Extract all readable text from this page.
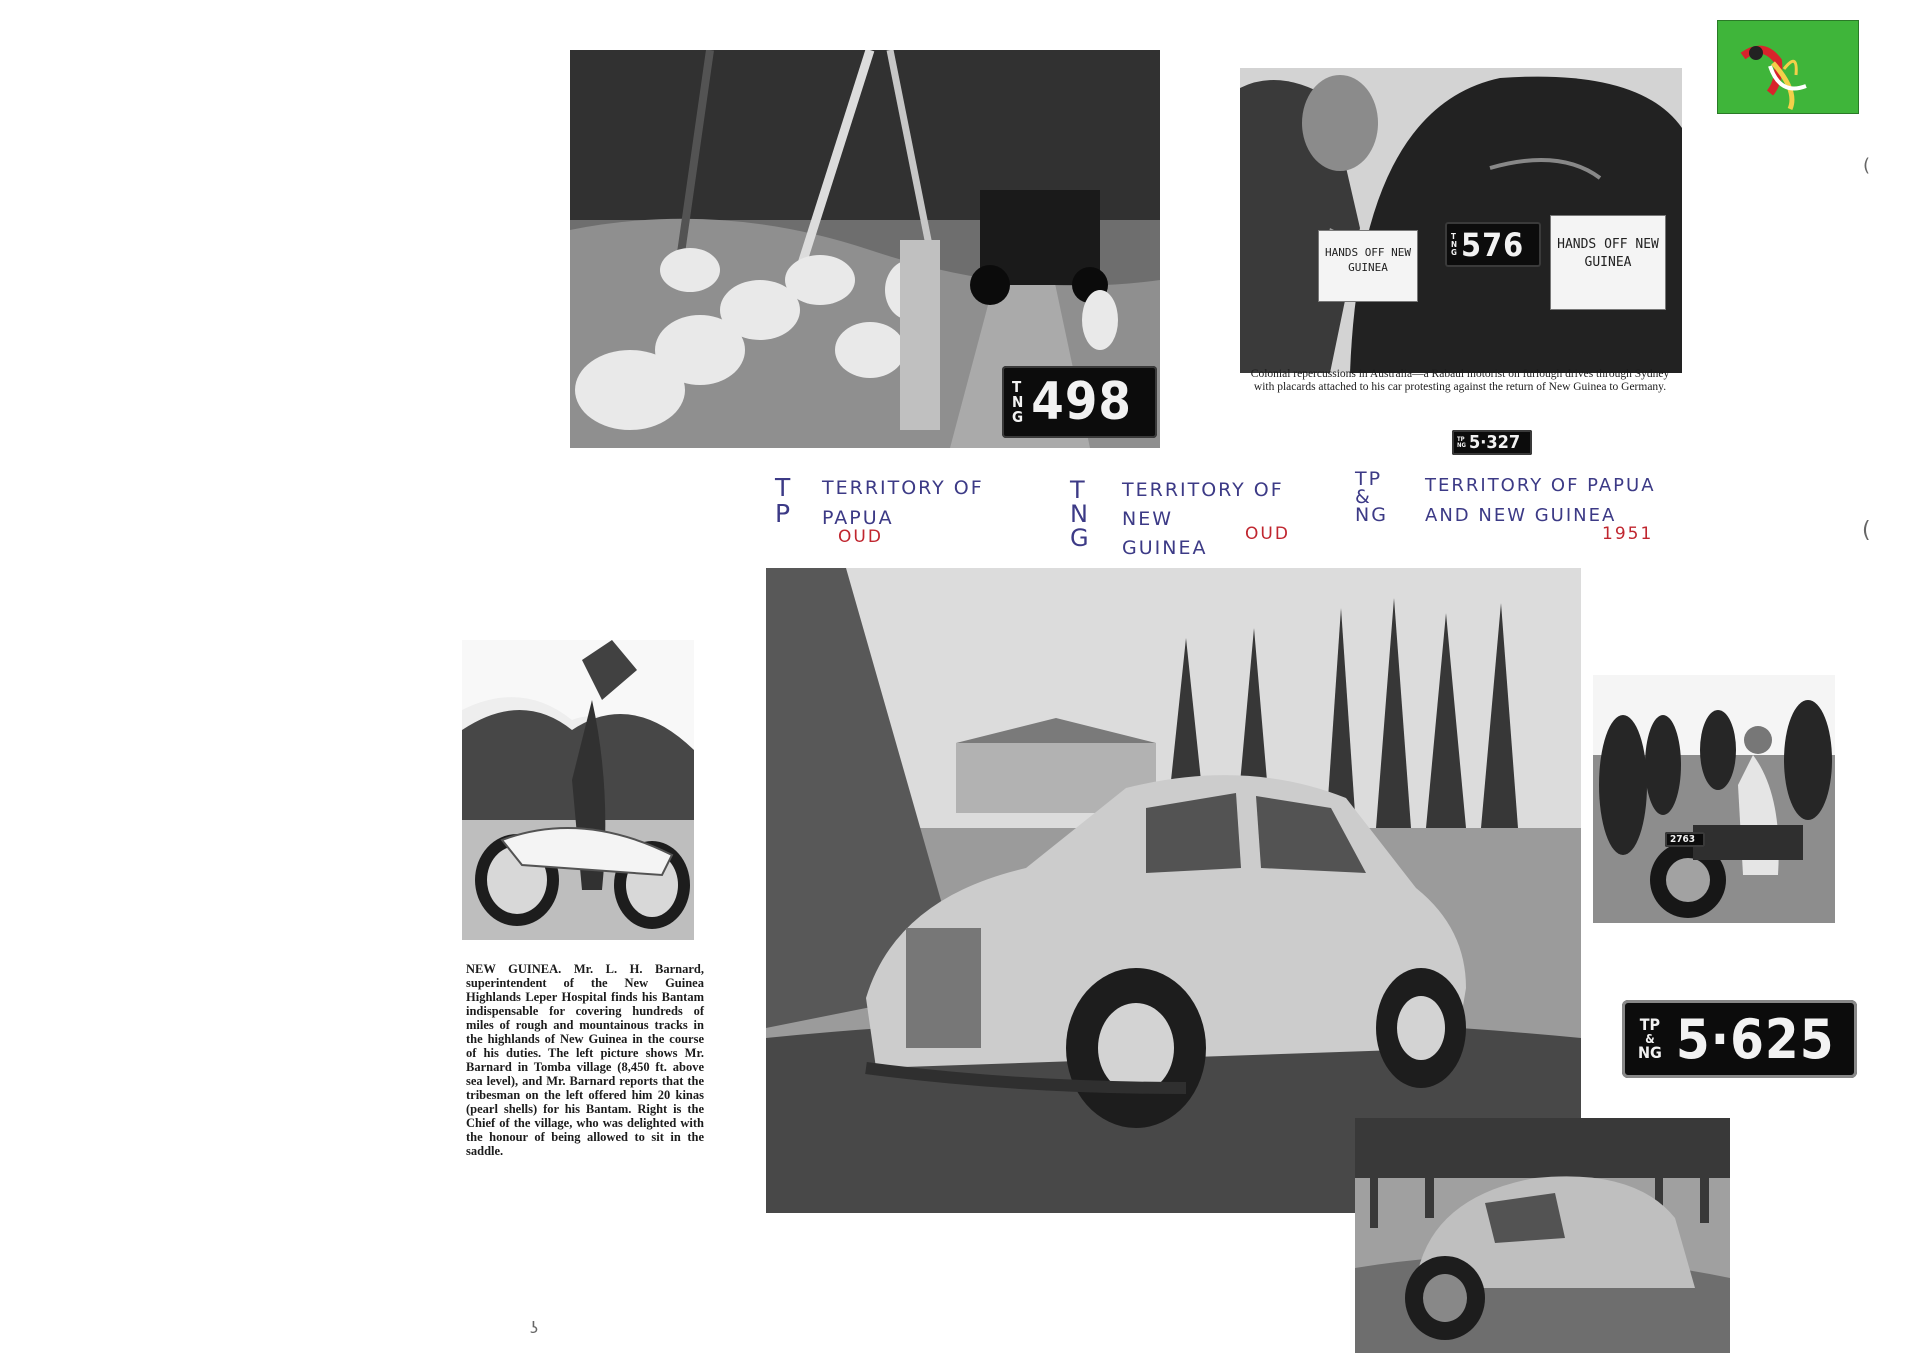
T
N
G 498
HANDS OFF NEW GUINEA
T
N
G 576	HANDS OFF NEW GUINEA
Colonial repercussions in Australia—a Rabaul motorist on furlough drives through Sydney with placards attached to his car protesting against the return of New Guinea to Germany.
TP
NG 5·327
T
P
TERRITORY OF
PAPUA
OUD
T
N
G
TERRITORY OF
NEW
GUINEA
OUD
TP
&
NG
TERRITORY OF PAPUA
AND NEW GUINEA
1951
NEW GUINEA. Mr. L. H. Barnard, superintendent of the New Guinea Highlands Leper Hospital finds his Bantam indispensable for covering hundreds of miles of rough and mountainous tracks in the highlands of New Guinea in the course of his duties. The left picture shows Mr. Barnard in Tomba village (8,450 ft. above sea level), and Mr. Barnard reports that the tribesman on the left offered him 20 kinas (pearl shells) for his Bantam. Right is the Chief of the village, who was delighted with the honour of being allowed to sit in the saddle.
2763
TP
&
NG 5·625
(
(
ʖ
